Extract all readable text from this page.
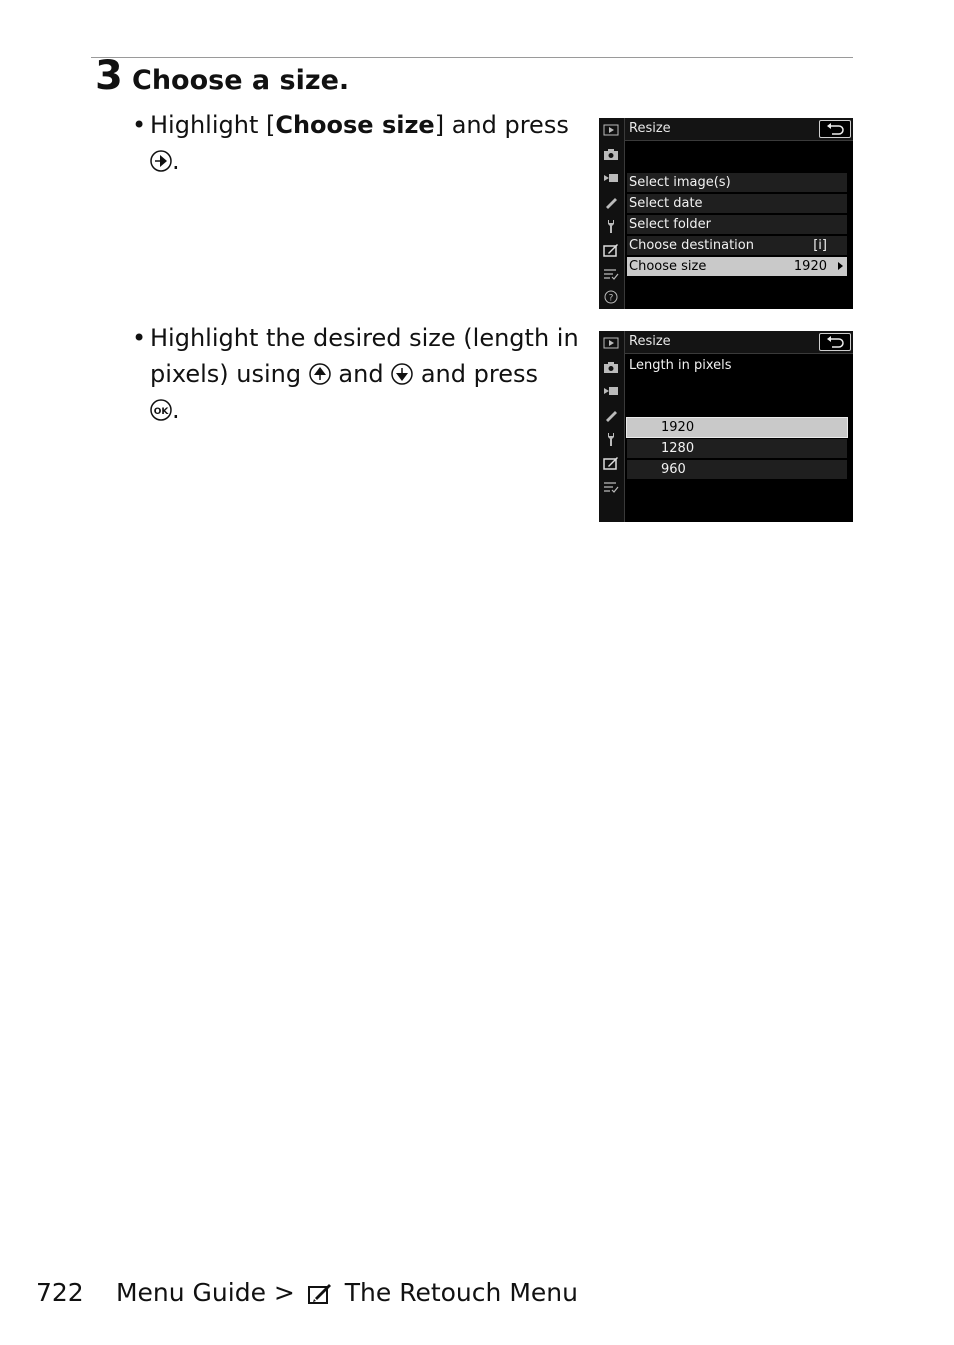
3 Choose a size.
• Highlight [Choose size] and press
.
?
Resize
Select image(s)
Select date
Select folder
Choose destination	[i]
Choose size	1920
• Highlight the desired size (length in pixels) using and and press

OK .
Resize
Length in pixels
1920
1280
960
722 Menu Guide > The Retouch Menu
